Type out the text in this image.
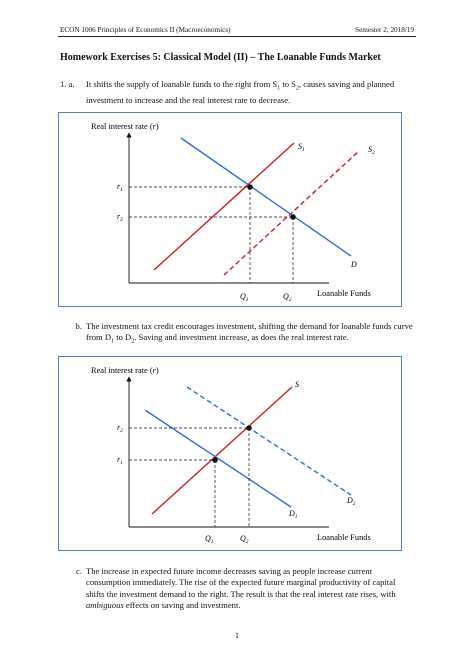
ECON 1006 Principles of Economics II (Macroeconomics)	Semester 2, 2018/19
Homework Exercises 5: Classical Model (II) – The Loanable Funds Market
1. a. It shifts the supply of loanable funds to the right from $S_1$ to $S_2$, causes saving and planned investment to increase and the real interest rate to decrease.
Real interest rate (r)
Loanable Funds
$r_1$
$r_2$
$Q_1$	$Q_2$
$S_1$	$S_2$
D
b. The investment tax credit encourages investment, shifting the demand for loanable funds curve from $D_1$ to $D_2$. Saving and investment increase, as does the real interest rate.
Real interest rate (r)
Loanable Funds
$r_2$
$r_1$
$Q_1$	$Q_2$
S
$D_1$
$D_2$
c. The increase in expected future income decreases saving as people increase current consumption immediately. The rise of the expected future marginal productivity of capital shifts the investment demand to the right. The result is that the real interest rate rises, with ambiguous effects on saving and investment.
1
